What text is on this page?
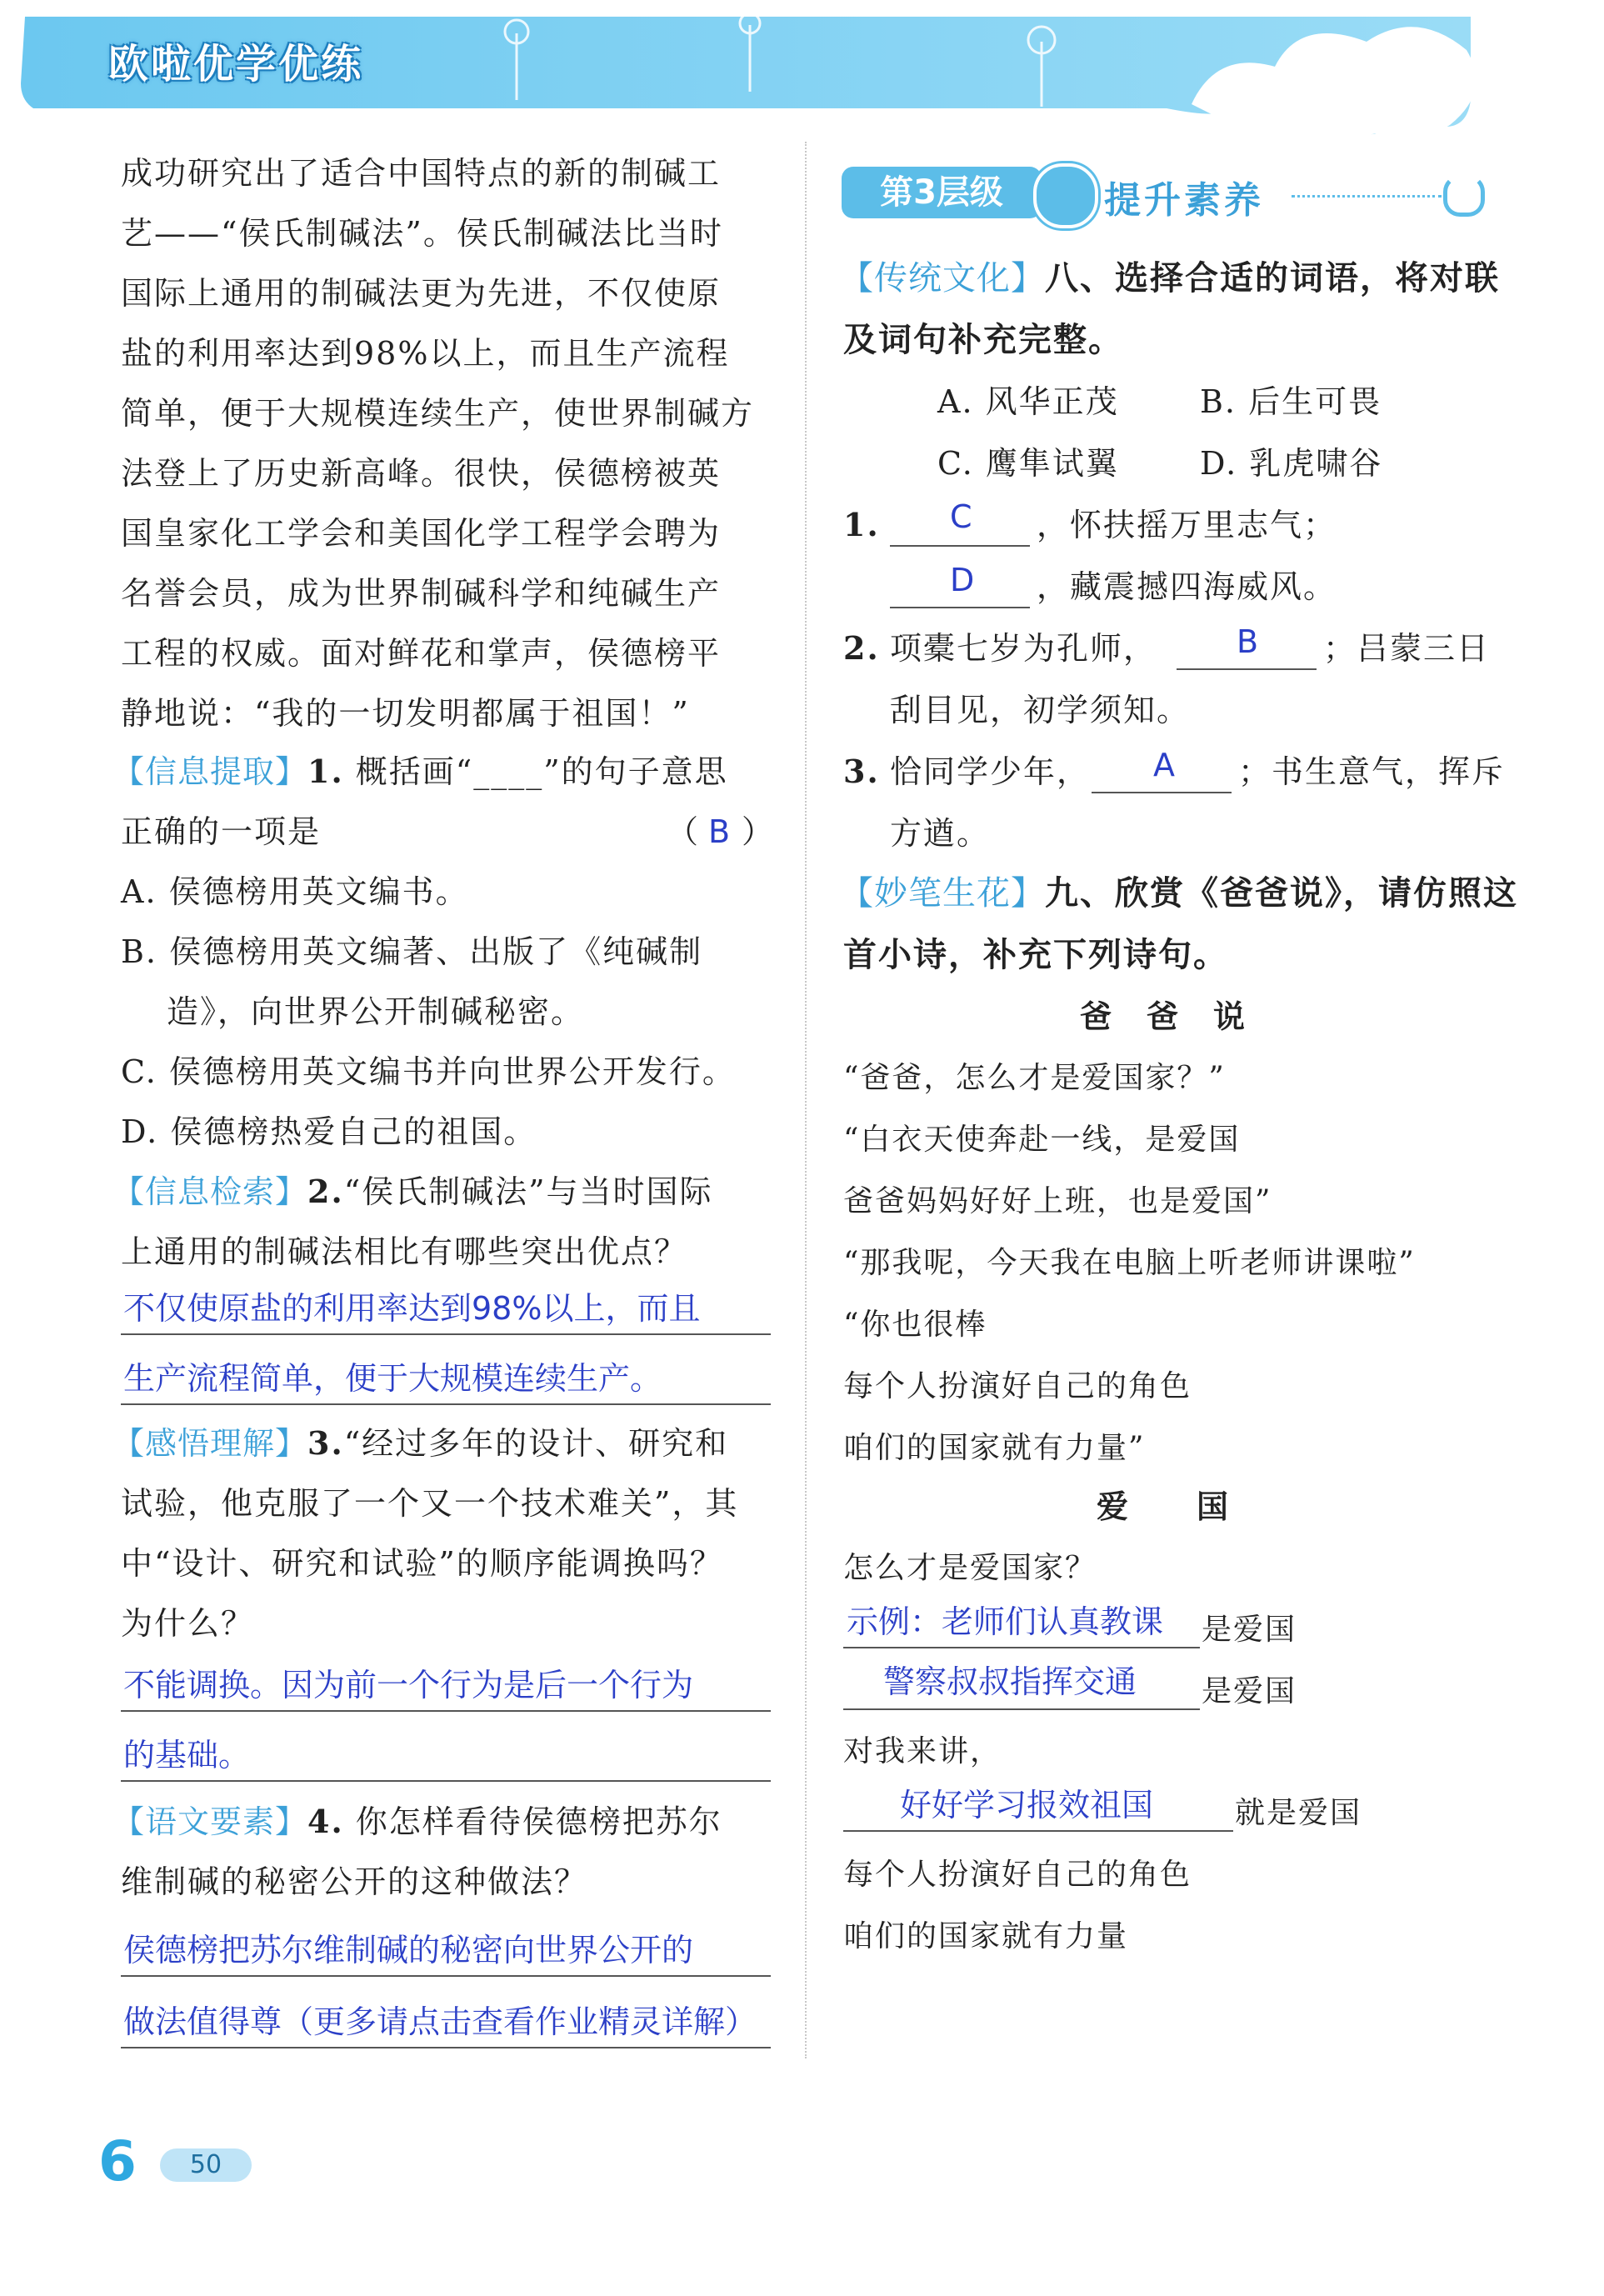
欧啦优学优练
成功研究出了适合中国特点的新的制碱工
艺——“侯氏制碱法”。侯氏制碱法比当时
国际上通用的制碱法更为先进，不仅使原
盐的利用率达到98%以上，而且生产流程
简单，便于大规模连续生产，使世界制碱方
法登上了历史新高峰。很快，侯德榜被英
国皇家化工学会和美国化学工程学会聘为
名誉会员，成为世界制碱科学和纯碱生产
工程的权威。面对鲜花和掌声，侯德榜平
静地说：“我的一切发明都属于祖国！”
【信息提取】1. 概括画“____”的句子意思
正确的一项是	（ B ）
A. 侯德榜用英文编书。
B. 侯德榜用英文编著、出版了《纯碱制
造》，向世界公开制碱秘密。
C. 侯德榜用英文编书并向世界公开发行。
D. 侯德榜热爱自己的祖国。
【信息检索】2.“侯氏制碱法”与当时国际
上通用的制碱法相比有哪些突出优点？
不仅使原盐的利用率达到98%以上，而且
生产流程简单，便于大规模连续生产。
【感悟理解】3.“经过多年的设计、研究和
试验，他克服了一个又一个技术难关”，其
中“设计、研究和试验”的顺序能调换吗？
为什么？
不能调换。因为前一个行为是后一个行为
的基础。
【语文要素】4. 你怎样看待侯德榜把苏尔
维制碱的秘密公开的这种做法？
侯德榜把苏尔维制碱的秘密向世界公开的
做法值得尊（更多请点击查看作业精灵详解）
第3层级	提升素养
【传统文化】八、选择合适的词语，将对联
及词句补充完整。
A. 风华正茂	B. 后生可畏
C. 鹰隼试翼	D. 乳虎啸谷
1. C ，怀扶摇万里志气；
D ，藏震撼四海威风。
2. 项橐七岁为孔师，	B ；吕蒙三日
刮目见，初学须知。
3. 恰同学少年， A ；书生意气，挥斥
方遒。
【妙笔生花】九、欣赏《爸爸说》，请仿照这
首小诗，补充下列诗句。
爸　爸　说
“爸爸，怎么才是爱国家？”
“白衣天使奔赴一线，是爱国
爸爸妈妈好好上班，也是爱国”
“那我呢，今天我在电脑上听老师讲课啦”
“你也很棒
每个人扮演好自己的角色
咱们的国家就有力量”
爱　　国
怎么才是爱国家？
示例：老师们认真教课 是爱国
警察叔叔指挥交通 是爱国
对我来讲，
好好学习报效祖国	就是爱国
每个人扮演好自己的角色
咱们的国家就有力量
6	50
